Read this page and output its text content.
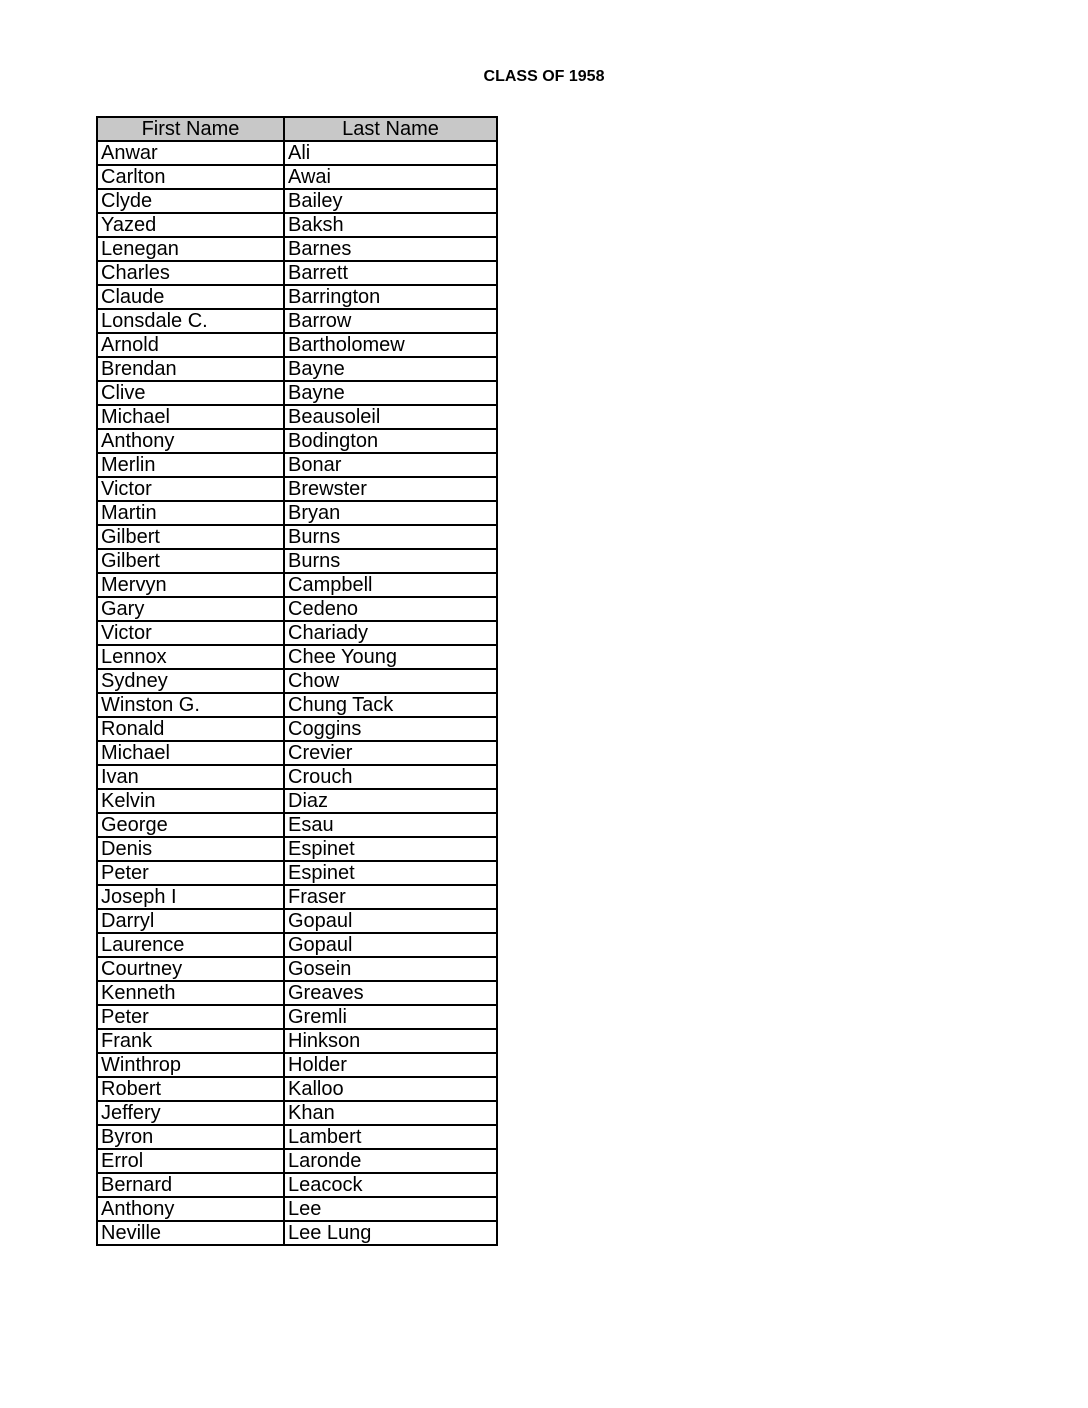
CLASS OF 1958
First Name	Last Name
Anwar	Ali
Carlton	Awai
Clyde	Bailey
Yazed	Baksh
Lenegan	Barnes
Charles	Barrett
Claude	Barrington
Lonsdale C.	Barrow
Arnold	Bartholomew
Brendan	Bayne
Clive	Bayne
Michael	Beausoleil
Anthony	Bodington
Merlin	Bonar
Victor	Brewster
Martin	Bryan
Gilbert	Burns
Gilbert	Burns
Mervyn	Campbell
Gary	Cedeno
Victor	Chariady
Lennox	Chee Young
Sydney	Chow
Winston G.	Chung Tack
Ronald	Coggins
Michael	Crevier
Ivan	Crouch
Kelvin	Diaz
George	Esau
Denis	Espinet
Peter	Espinet
Joseph I	Fraser
Darryl	Gopaul
Laurence	Gopaul
Courtney	Gosein
Kenneth	Greaves
Peter	Gremli
Frank	Hinkson
Winthrop	Holder
Robert	Kalloo
Jeffery	Khan
Byron	Lambert
Errol	Laronde
Bernard	Leacock
Anthony	Lee
Neville	Lee Lung
